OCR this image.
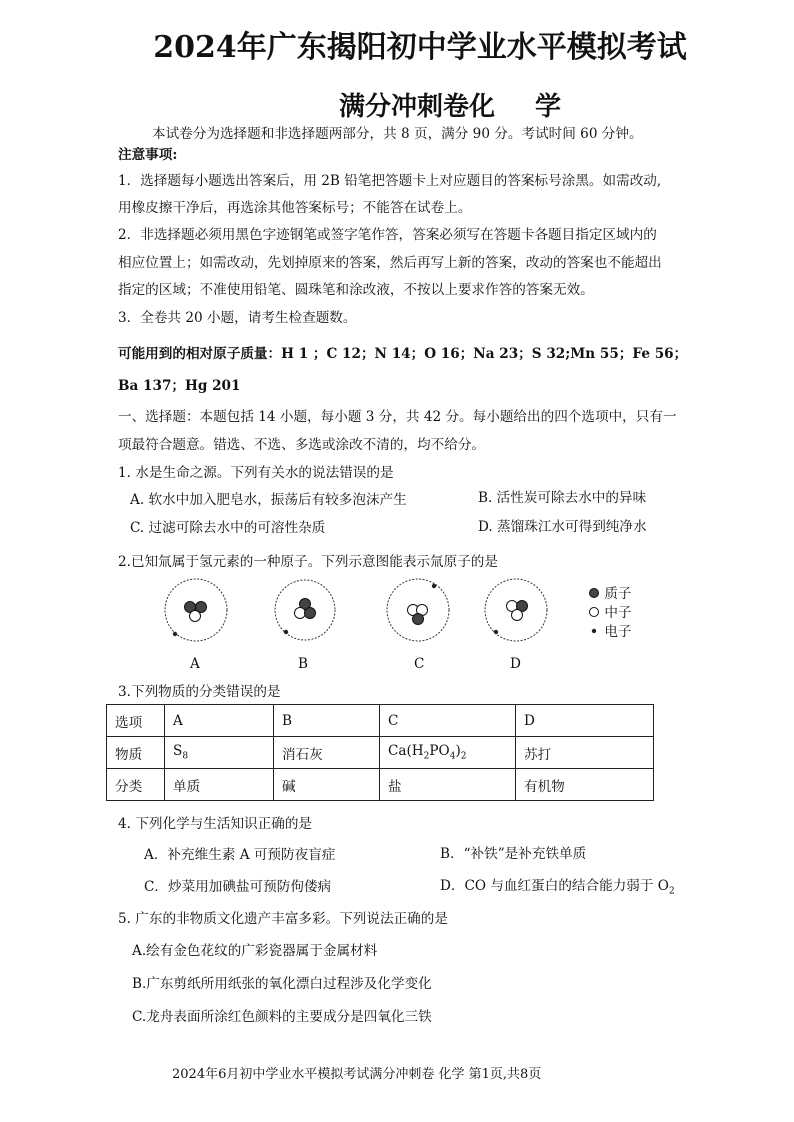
2024年广东揭阳初中学业水平模拟考试
满分冲刺卷化 学
本试卷分为选择题和非选择题两部分，共 8 页，满分 90 分。考试时间 60 分钟。
注意事项:
1．选择题每小题选出答案后，用 2B 铅笔把答题卡上对应题目的答案标号涂黑。如需改动,
用橡皮擦干净后，再选涂其他答案标号；不能答在试卷上。
2．非选择题必须用黑色字迹钢笔或签字笔作答，答案必须写在答题卡各题目指定区域内的
相应位置上；如需改动，先划掉原来的答案，然后再写上新的答案，改动的答案也不能超出
指定的区域；不准使用铅笔、圆珠笔和涂改液，不按以上要求作答的答案无效。
3．全卷共 20 小题，请考生检查题数。
可能用到的相对原子质量：H 1 ；C 12；N 14；O 16；Na 23；S 32;Mn 55；Fe 56；
Ba 137；Hg 201
一、选择题：本题包括 14 小题，每小题 3 分，共 42 分。每小题给出的四个选项中，只有一
项最符合题意。错选、不选、多选或涂改不清的，均不给分。
1. 水是生命之源。下列有关水的说法错误的是
A. 软水中加入肥皂水，振荡后有较多泡沫产生	B. 活性炭可除去水中的异味
C. 过滤可除去水中的可溶性杂质	D. 蒸馏珠江水可得到纯净水
2.已知氚属于氢元素的一种原子。下列示意图能表示氚原子的是
A	B	C	D
质子
中子
电子
3.下列物质的分类错误的是
选项	A	B	C	D
物质	$S_8$	消石灰	$Ca(H_2PO_4)_2$	苏打
分类	单质	碱	盐	有机物
4. 下列化学与生活知识正确的是
A．补充维生素 A 可预防夜盲症	B．“补铁”是补充铁单质
C．炒菜用加碘盐可预防佝偻病	D．CO 与血红蛋白的结合能力弱于 $O_2$
5. 广东的非物质文化遗产丰富多彩。下列说法正确的是
A.绘有金色花纹的广彩瓷器属于金属材料
B.广东剪纸所用纸张的氧化漂白过程涉及化学变化
C.龙舟表面所涂红色颜料的主要成分是四氧化三铁
2024年6月初中学业水平模拟考试满分冲刺卷 化学 第1页,共8页
